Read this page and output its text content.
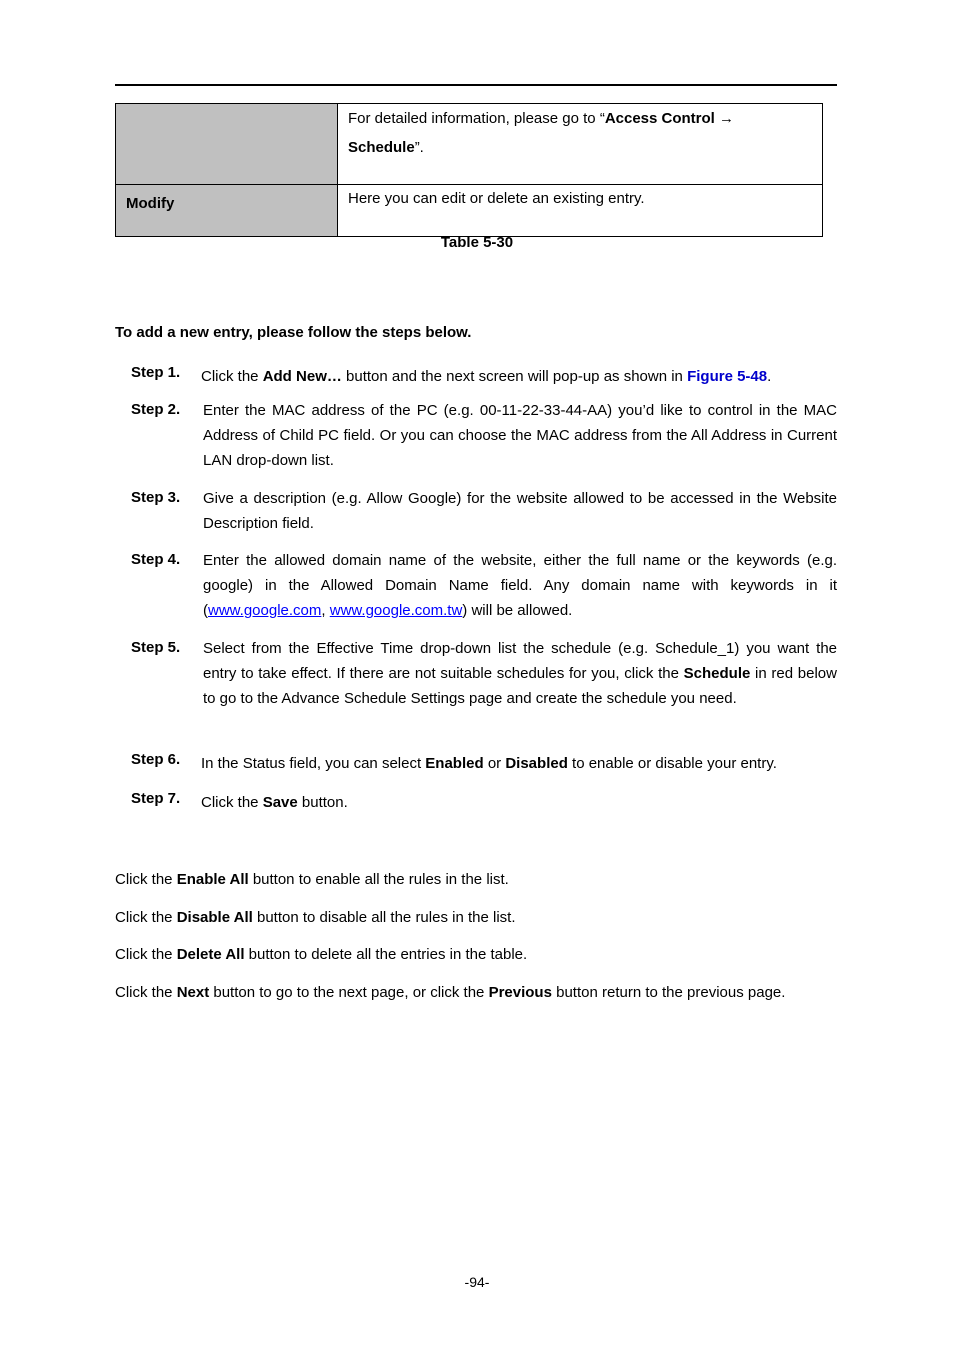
	For detailed information, please go to “Access Control →
Schedule”.
Modify	Here you can edit or delete an existing entry.
Table 5-30
To add a new entry, please follow the steps below.
Step 1. Click the Add New… button and the next screen will pop-up as shown in Figure 5-48.
Step 2. Enter the MAC address of the PC (e.g. 00-11-22-33-44-AA) you’d like to control in the MAC Address of Child PC field. Or you can choose the MAC address from the All Address in Current LAN drop-down list.
Step 3. Give a description (e.g. Allow Google) for the website allowed to be accessed in the Website Description field.
Step 4. Enter the allowed domain name of the website, either the full name or the keywords (e.g. google) in the Allowed Domain Name field. Any domain name with keywords in it (www.google.com, www.google.com.tw) will be allowed.
Step 5. Select from the Effective Time drop-down list the schedule (e.g. Schedule_1) you want the entry to take effect. If there are not suitable schedules for you, click the Schedule in red below to go to the Advance Schedule Settings page and create the schedule you need.
Step 6. In the Status field, you can select Enabled or Disabled to enable or disable your entry.
Step 7. Click the Save button.
Click the Enable All button to enable all the rules in the list.
Click the Disable All button to disable all the rules in the list.
Click the Delete All button to delete all the entries in the table.
Click the Next button to go to the next page, or click the Previous button return to the previous page.
-94-
